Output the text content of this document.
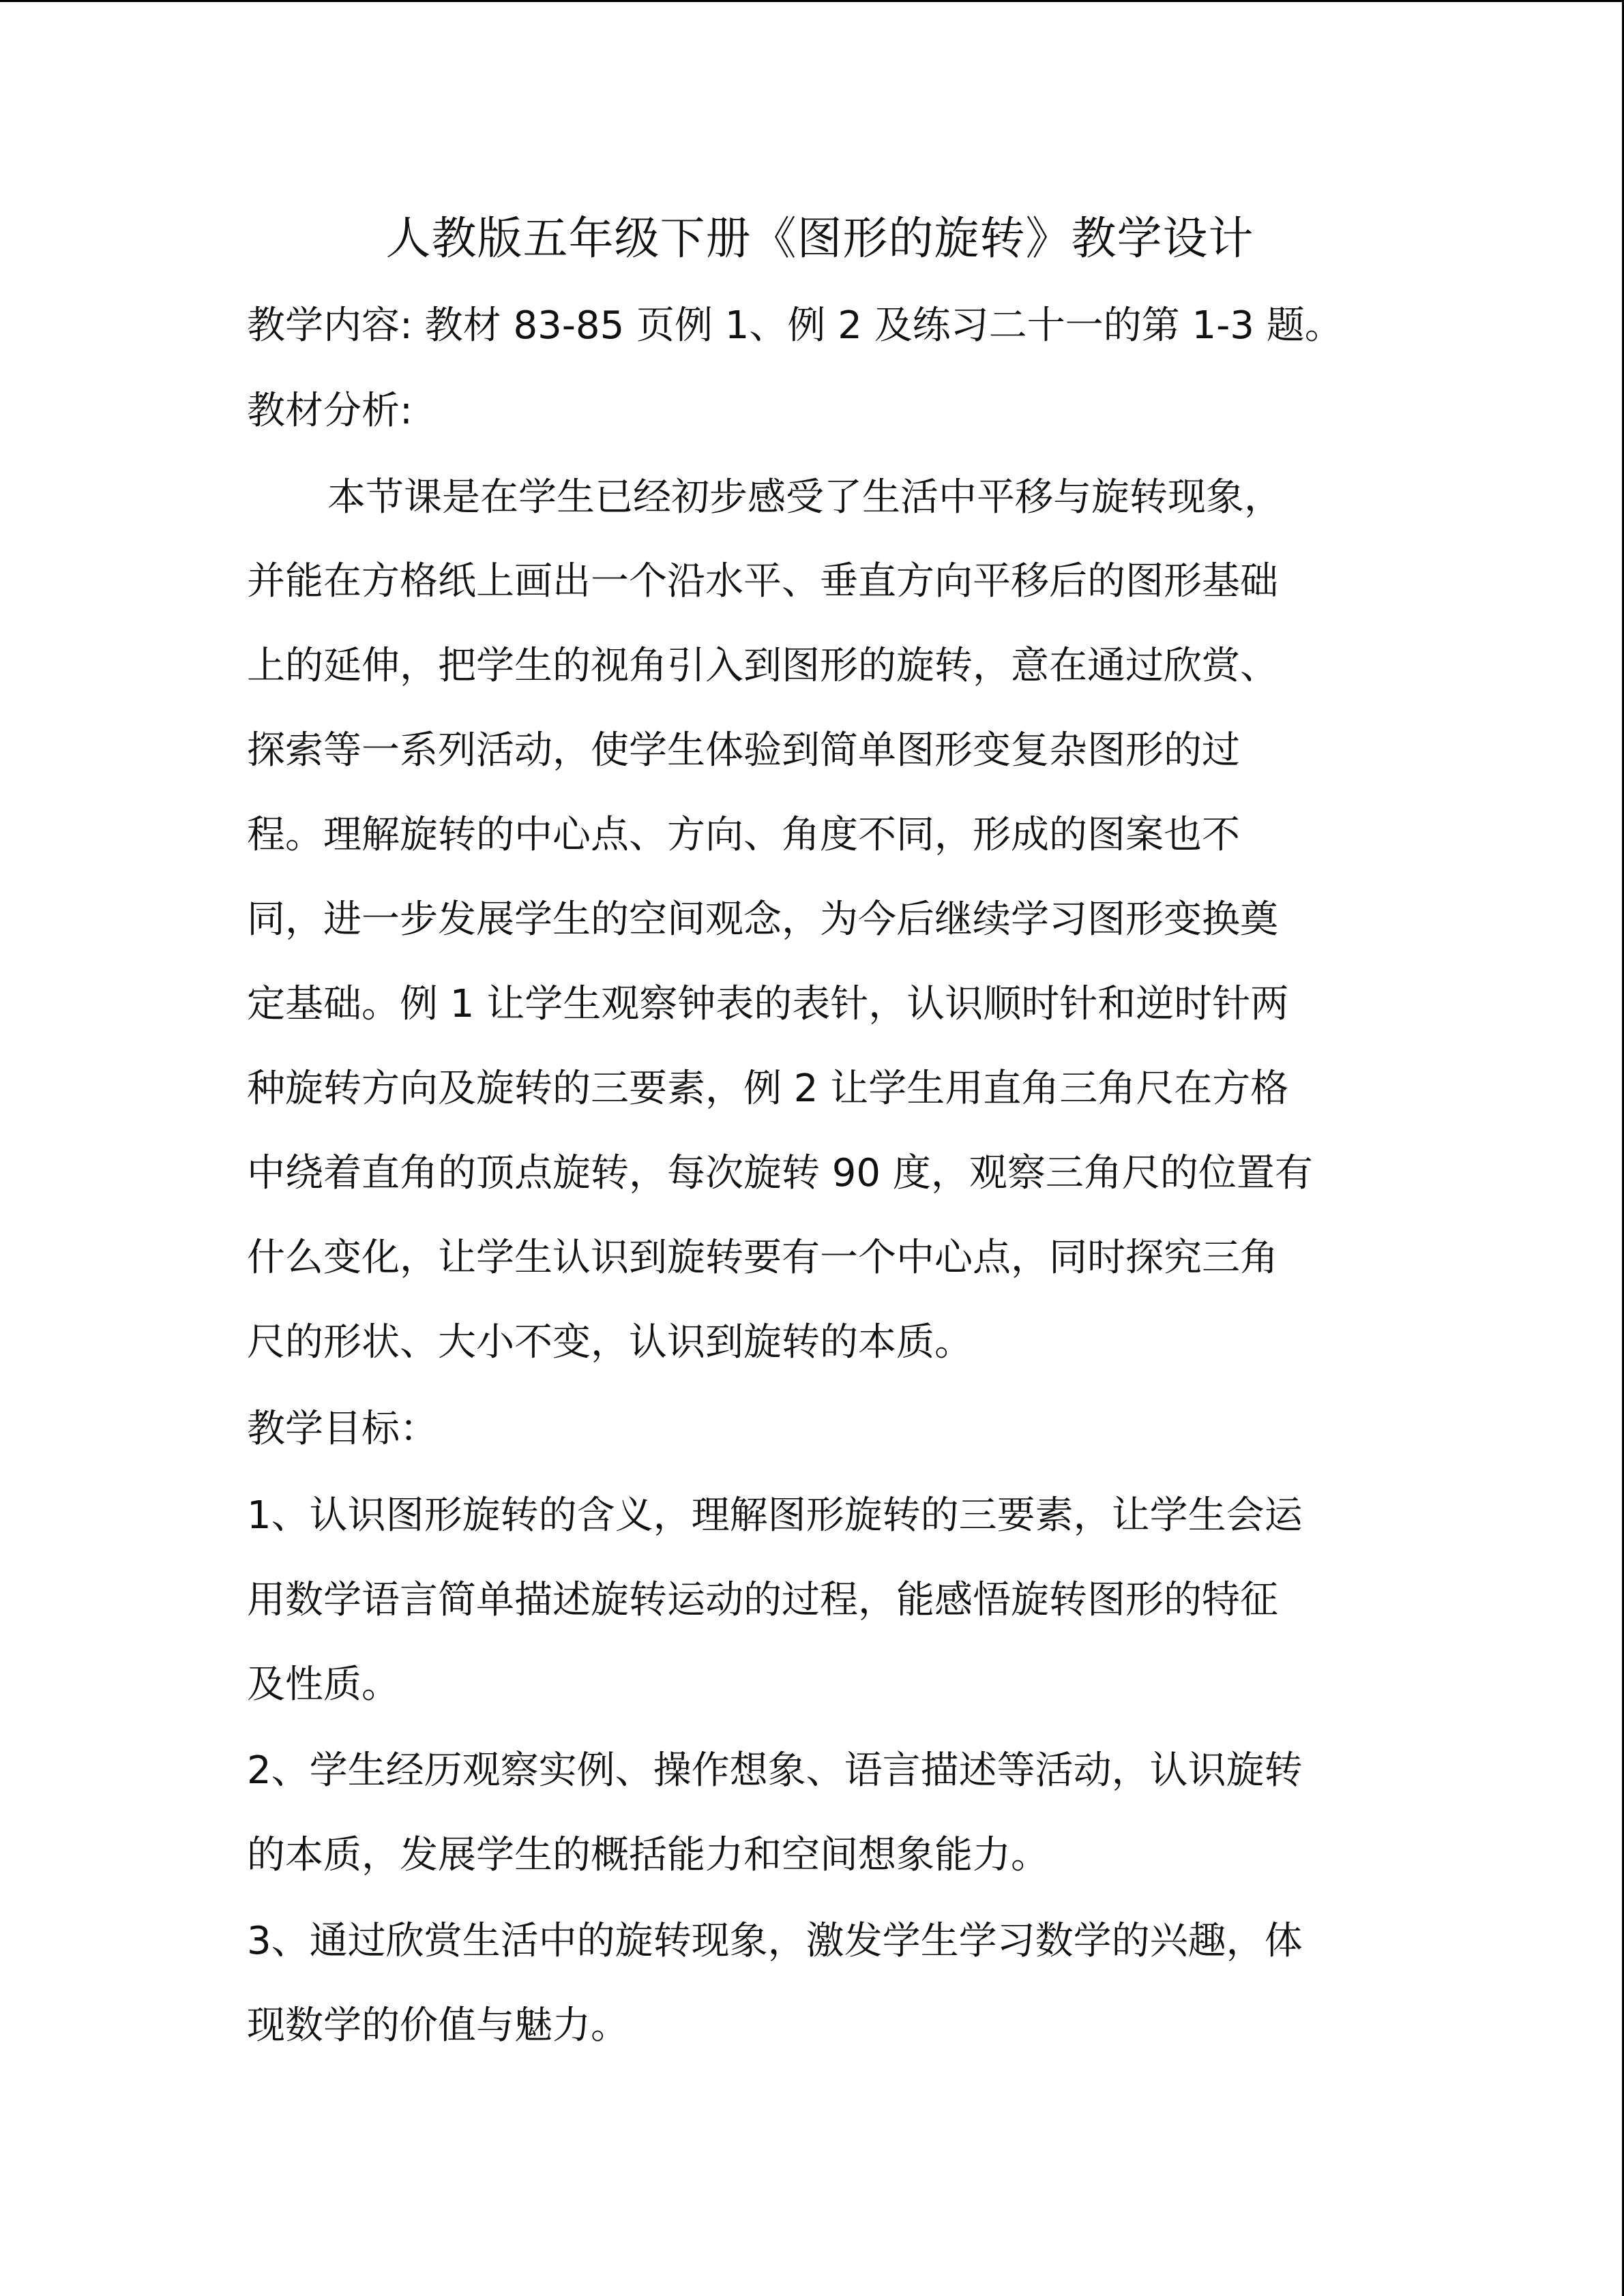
人教版五年级下册《图形的旋转》教学设计
教学内容: 教材 83-85 页例 1、例 2 及练习二十一的第 1-3 题。
教材分析:
本节课是在学生已经初步感受了生活中平移与旋转现象，
并能在方格纸上画出一个沿水平、垂直方向平移后的图形基础
上的延伸，把学生的视角引入到图形的旋转，意在通过欣赏、
探索等一系列活动，使学生体验到简单图形变复杂图形的过
程。理解旋转的中心点、方向、角度不同，形成的图案也不
同，进一步发展学生的空间观念，为今后继续学习图形变换奠
定基础。例 1 让学生观察钟表的表针，认识顺时针和逆时针两
种旋转方向及旋转的三要素，例 2 让学生用直角三角尺在方格
中绕着直角的顶点旋转，每次旋转 90 度，观察三角尺的位置有
什么变化，让学生认识到旋转要有一个中心点，同时探究三角
尺的形状、大小不变，认识到旋转的本质。
教学目标：
1、认识图形旋转的含义，理解图形旋转的三要素，让学生会运
用数学语言简单描述旋转运动的过程，能感悟旋转图形的特征
及性质。
2、学生经历观察实例、操作想象、语言描述等活动，认识旋转
的本质，发展学生的概括能力和空间想象能力。
3、通过欣赏生活中的旋转现象，激发学生学习数学的兴趣，体
现数学的价值与魅力。
